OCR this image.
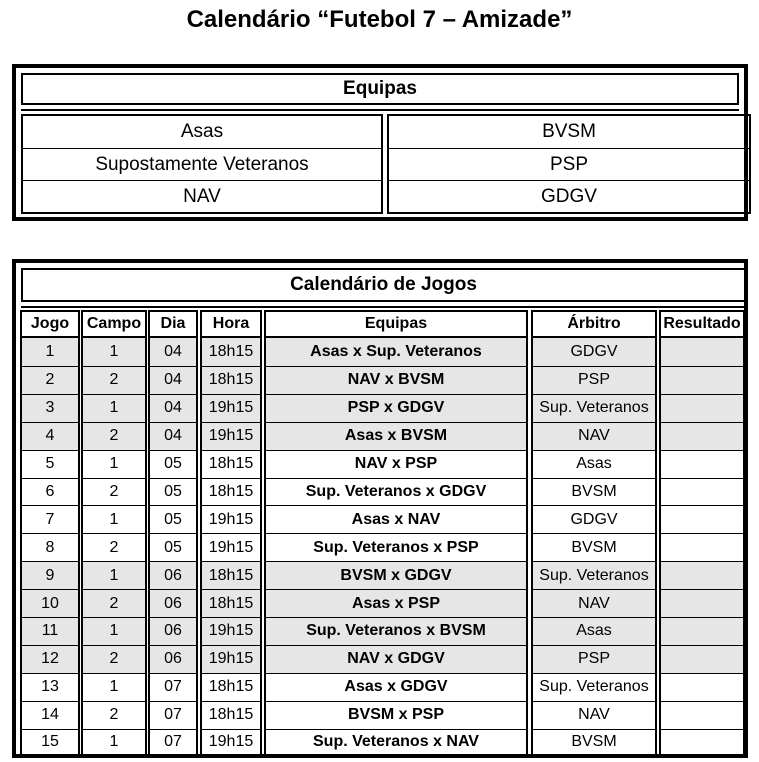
Calendário “Futebol 7 – Amizade”
Equipas
Asas
Supostamente Veteranos
NAV
BVSM
PSP
GDGV
Calendário de Jogos
Jogo
1
2
3
4
5
6
7
8
9
10
11
12
13
14
15
Campo
1
2
1
2
1
2
1
2
1
2
1
2
1
2
1
Dia
04
04
04
04
05
05
05
05
06
06
06
06
07
07
07
Hora
18h15
18h15
19h15
19h15
18h15
18h15
19h15
19h15
18h15
18h15
19h15
19h15
18h15
18h15
19h15
Equipas
Asas x Sup. Veteranos
NAV x BVSM
PSP x GDGV
Asas x BVSM
NAV x PSP
Sup. Veteranos x GDGV
Asas x NAV
Sup. Veteranos x PSP
BVSM x GDGV
Asas x PSP
Sup. Veteranos x BVSM
NAV x GDGV
Asas x GDGV
BVSM x PSP
Sup. Veteranos x NAV
Árbitro
GDGV
PSP
Sup. Veteranos
NAV
Asas
BVSM
GDGV
BVSM
Sup. Veteranos
NAV
Asas
PSP
Sup. Veteranos
NAV
BVSM
Resultado
